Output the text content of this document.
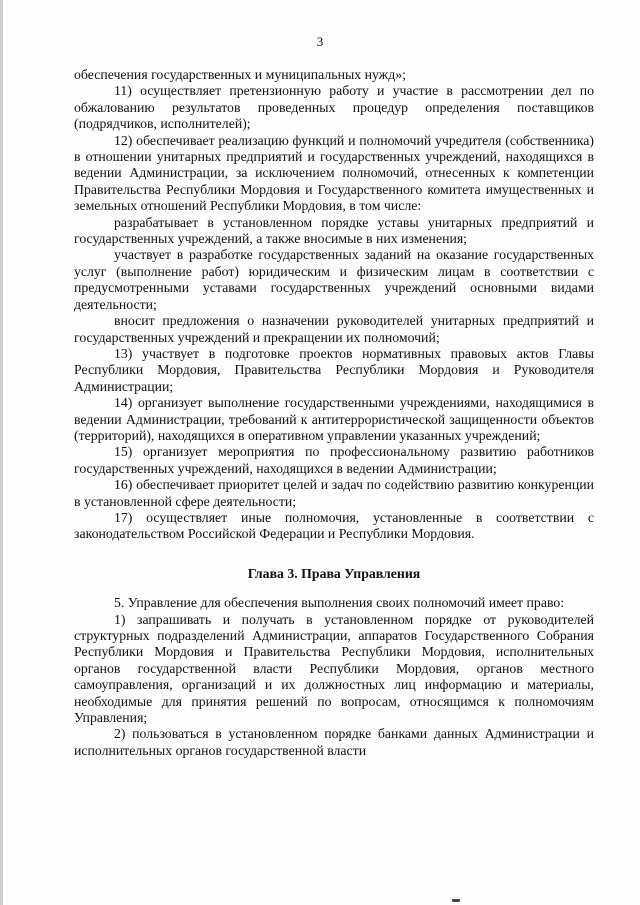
3

обеспечения государственных и муниципальных нужд»;

11) осуществляет претензионную работу и участие в рассмотрении дел по обжалованию результатов проведенных процедур определения поставщиков (подрядчиков, исполнителей);

12) обеспечивает реализацию функций и полномочий учредителя (собственника) в отношении унитарных предприятий и государственных учреждений, находящихся в ведении Администрации, за исключением полномочий, отнесенных к компетенции Правительства Республики Мордовия и Государственного комитета имущественных и земельных отношений Республики Мордовия, в том числе:

разрабатывает в установленном порядке уставы унитарных предприятий и государственных учреждений, а также вносимые в них изменения;

участвует в разработке государственных заданий на оказание государственных услуг (выполнение работ) юридическим и физическим лицам в соответствии с предусмотренными уставами государственных учреждений основными видами деятельности;

вносит предложения о назначении руководителей унитарных предприятий и государственных учреждений и прекращении их полномочий;

13) участвует в подготовке проектов нормативных правовых актов Главы Республики Мордовия, Правительства Республики Мордовия и Руководителя Администрации;

14) организует выполнение государственными учреждениями, находящимися в ведении Администрации, требований к антитеррористической защищенности объектов (территорий), находящихся в оперативном управлении указанных учреждений;

15) организует мероприятия по профессиональному развитию работников государственных учреждений, находящихся в ведении Администрации;

16) обеспечивает приоритет целей и задач по содействию развитию конкуренции в установленной сфере деятельности;

17) осуществляет иные полномочия, установленные в соответствии с законодательством Российской Федерации и Республики Мордовия.

Глава 3. Права Управления

5. Управление для обеспечения выполнения своих полномочий имеет право:

1) запрашивать и получать в установленном порядке от руководителей структурных подразделений Администрации, аппаратов Государственного Собрания Республики Мордовия и Правительства Республики Мордовия, исполнительных органов государственной власти Республики Мордовия, органов местного самоуправления, организаций и их должностных лиц информацию и материалы, необходимые для принятия решений по вопросам, относящимся к полномочиям Управления;

2) пользоваться в установленном порядке банками данных Администрации и исполнительных органов государственной власти
